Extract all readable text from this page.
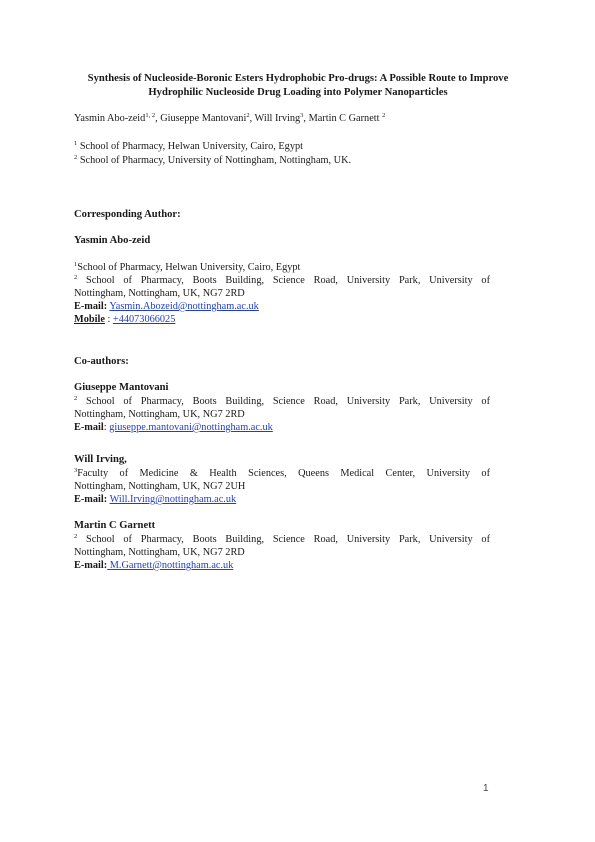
Synthesis of Nucleoside-Boronic Esters Hydrophobic Pro-drugs: A Possible Route to Improve Hydrophilic Nucleoside Drug Loading into Polymer Nanoparticles
Yasmin Abo-zeid$^{1, 2}$, Giuseppe Mantovani$^2$, Will Irving$^3$, Martin C Garnett $^2$
$^1$ School of Pharmacy, Helwan University, Cairo, Egypt
$^2$ School of Pharmacy, University of Nottingham, Nottingham, UK.
Corresponding Author:
Yasmin Abo-zeid
$^1$School of Pharmacy, Helwan University, Cairo, Egypt
$^2$ School of Pharmacy, Boots Building, Science Road, University Park, University of
Nottingham, Nottingham, UK, NG7 2RD
E-mail: Yasmin.Abozeid@nottingham.ac.uk
Mobile : +44073066025
Co-authors:
Giuseppe Mantovani
$^2$ School of Pharmacy, Boots Building, Science Road, University Park, University of
Nottingham, Nottingham, UK, NG7 2RD
E-mail: giuseppe.mantovani@nottingham.ac.uk
Will Irving,
$^3$Faculty of Medicine & Health Sciences, Queens Medical Center, University of
Nottingham, Nottingham, UK, NG7 2UH
E-mail: Will.Irving@nottingham.ac.uk
Martin C Garnett
$^2$ School of Pharmacy, Boots Building, Science Road, University Park, University of
Nottingham, Nottingham, UK, NG7 2RD
E-mail: M.Garnett@nottingham.ac.uk
1
